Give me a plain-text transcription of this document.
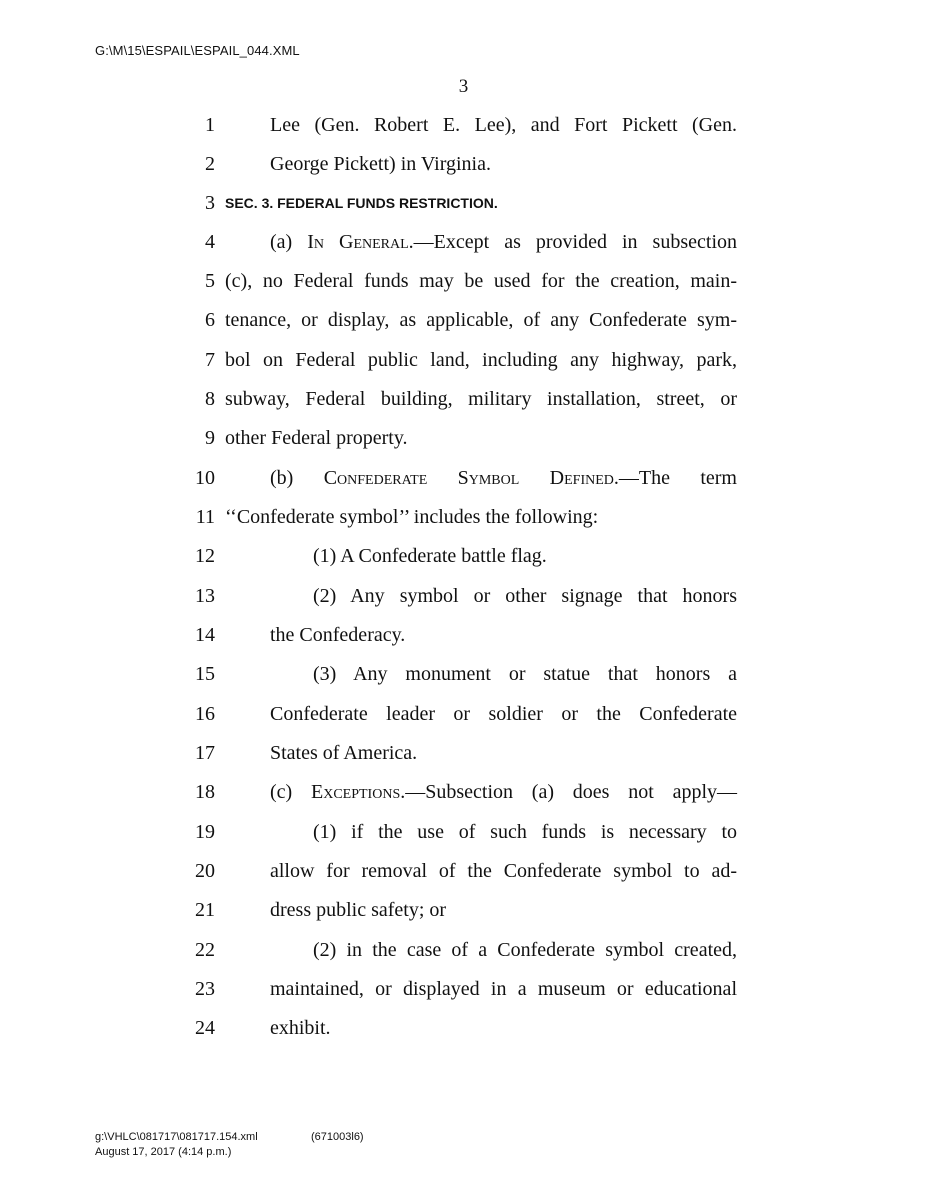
G:\M\15\ESPAIL\ESPAIL_044.XML
3
1	Lee (Gen. Robert E. Lee), and Fort Pickett (Gen.
2	George Pickett) in Virginia.
3 SEC. 3. FEDERAL FUNDS RESTRICTION.
4	(a) In General.—Except as provided in subsection
5 (c), no Federal funds may be used for the creation, main-
6 tenance, or display, as applicable, of any Confederate sym-
7 bol on Federal public land, including any highway, park,
8 subway, Federal building, military installation, street, or
9 other Federal property.
10	(b) Confederate Symbol Defined.—The term
11 ‘‘Confederate symbol’’ includes the following:
12	(1) A Confederate battle flag.
13	(2) Any symbol or other signage that honors
14	the Confederacy.
15	(3) Any monument or statue that honors a
16	Confederate leader or soldier or the Confederate
17	States of America.
18	(c) Exceptions.—Subsection (a) does not apply—
19	(1) if the use of such funds is necessary to
20	allow for removal of the Confederate symbol to ad-
21	dress public safety; or
22	(2) in the case of a Confederate symbol created,
23	maintained, or displayed in a museum or educational
24	exhibit.
g:\VHLC\081717\081717.154.xml	(671003l6)
August 17, 2017 (4:14 p.m.)
